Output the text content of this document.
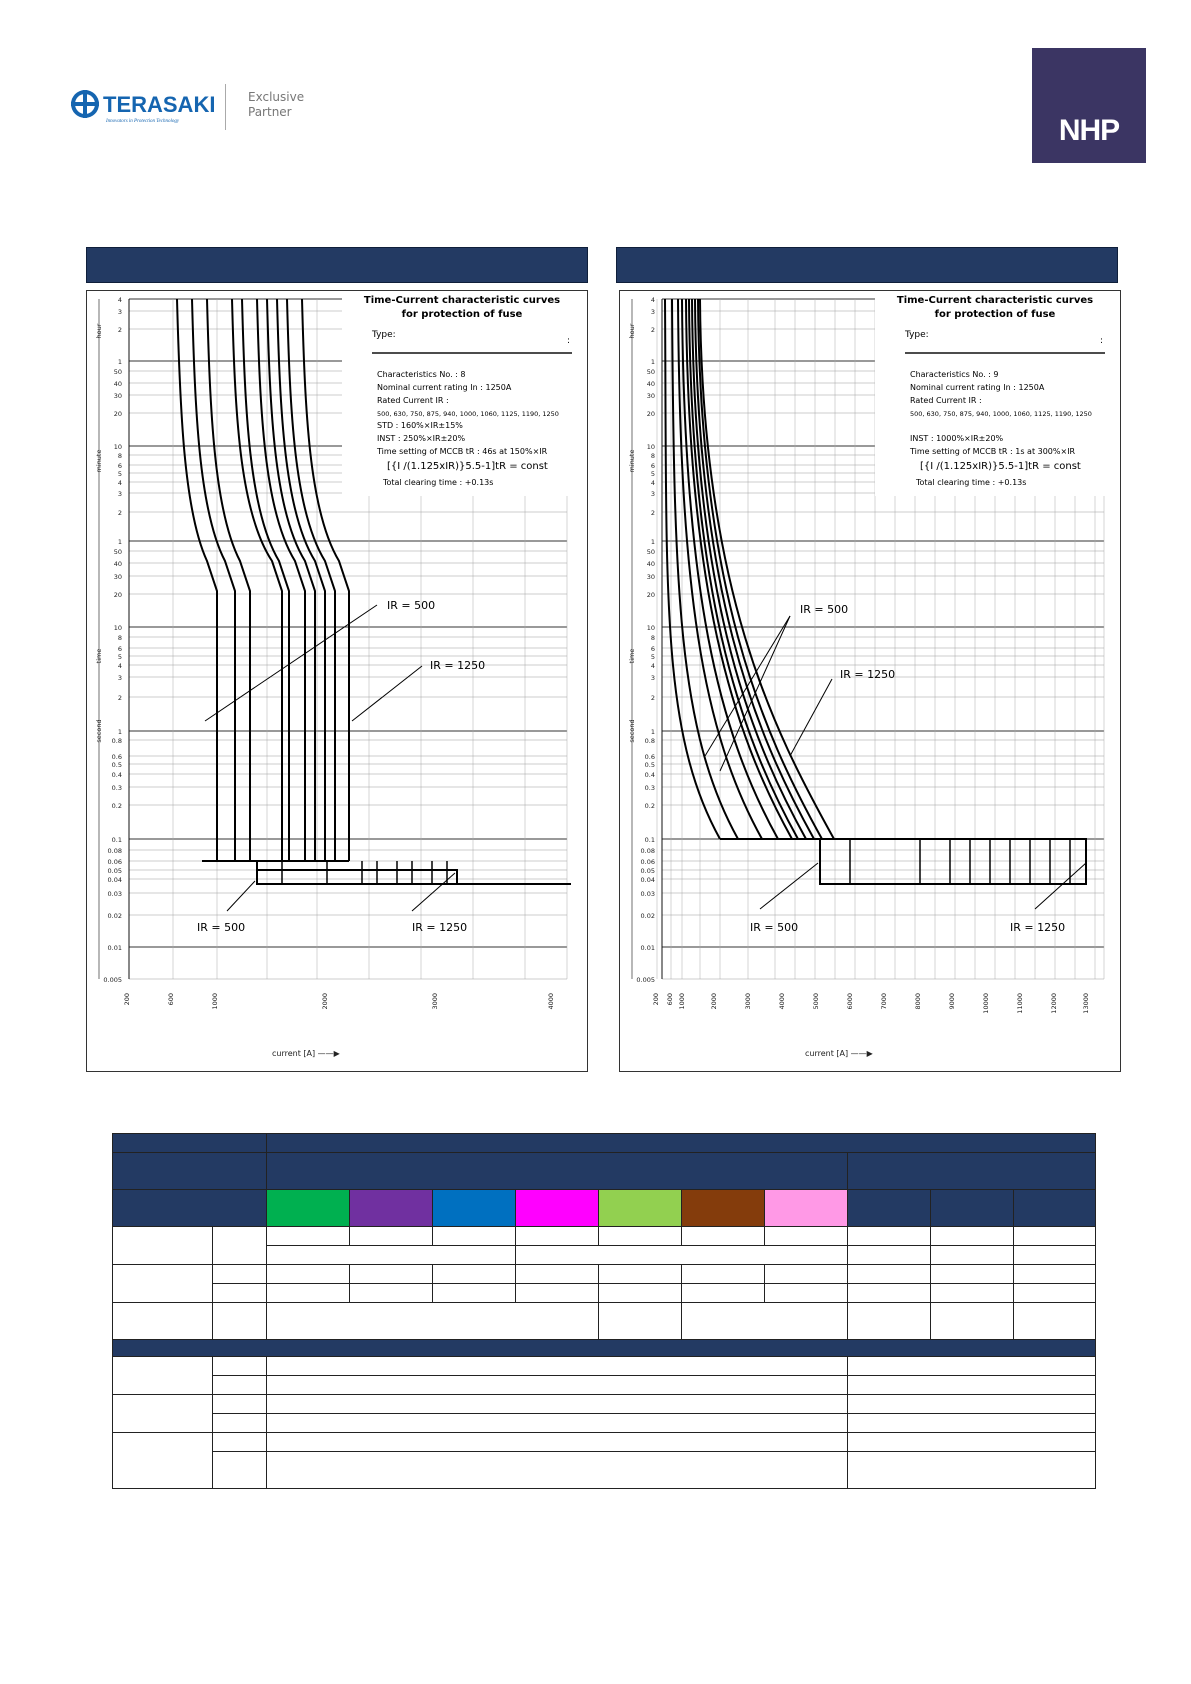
TERASAKI
Innovators in Protection Technology
Exclusive
Partner
NHP
4
3
2
1
50
40
30
20
10
8
6
5
4
3
2
1
50
40
30
20
10
8
6
5
4
3
2
1
0.8
0.6
0.5
0.4
0.3
0.2
0.1
0.08
0.06
0.05
0.04
0.03
0.02
0.01
0.005
200	600	1000	2000	3000	4000
current [A] ——▶
hour
minute
time
second
Time-Current characteristic curves
for protection of fuse
Type:
:
Characteristics No. : 8
Nominal current rating In : 1250A
Rated Current IR :
500, 630, 750, 875, 940, 1000, 1060, 1125, 1190, 1250
STD : 160%×IR±15%
INST : 250%×IR±20%
Time setting of MCCB tR : 46s at 150%×IR
[{I /(1.125xIR)}5.5-1]tR = const
Total clearing time : +0.13s
IR = 500
IR = 1250
IR = 500	IR = 1250
4
3
2
1
50
40
30
20
10
8
6
5
4
3
2
1
50
40
30
20
10
8
6
5
4
3
2
1
0.8
0.6
0.5
0.4
0.3
0.2
0.1
0.08
0.06
0.05
0.04
0.03
0.02
0.01
0.005
200 600 1000	2000	3000	4000	5000	6000	7000	8000	9000	10000	11000	12000	13000
current [A] ——▶
hour
minute
time
second
Time-Current characteristic curves
for protection of fuse
Type:
:
Characteristics No. : 9
Nominal current rating In : 1250A
Rated Current IR :
500, 630, 750, 875, 940, 1000, 1060, 1125, 1190, 1250
INST : 1000%×IR±20%
Time setting of MCCB tR : 1s at 300%×IR
[{I /(1.125xIR)}5.5-1]tR = const
Total clearing time : +0.13s
IR = 500
IR = 1250
IR = 500	IR = 1250
